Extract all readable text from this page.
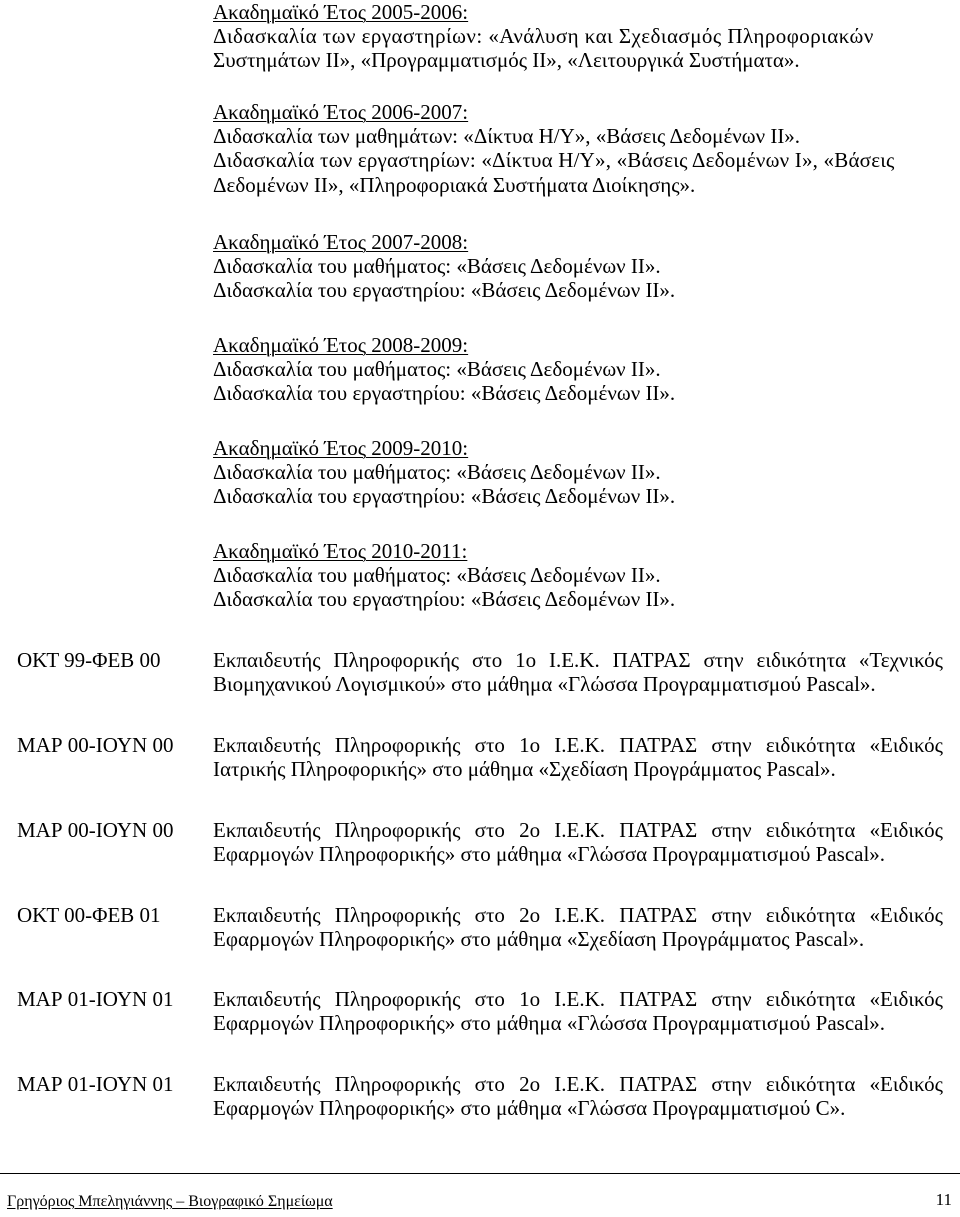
Ακαδημαϊκό Έτος 2005-2006:
Διδασκαλία των εργαστηρίων: «Ανάλυση και Σχεδιασμός Πληροφοριακών
Συστημάτων ΙΙ», «Προγραμματισμός ΙΙ», «Λειτουργικά Συστήματα».
Ακαδημαϊκό Έτος 2006-2007:
Διδασκαλία των μαθημάτων: «Δίκτυα Η/Υ», «Βάσεις Δεδομένων ΙΙ».
Διδασκαλία των εργαστηρίων: «Δίκτυα Η/Υ», «Βάσεις Δεδομένων Ι», «Βάσεις
Δεδομένων ΙΙ», «Πληροφοριακά Συστήματα Διοίκησης».
Ακαδημαϊκό Έτος 2007-2008:
Διδασκαλία του μαθήματος: «Βάσεις Δεδομένων ΙΙ».
Διδασκαλία του εργαστηρίου: «Βάσεις Δεδομένων ΙΙ».
Ακαδημαϊκό Έτος 2008-2009:
Διδασκαλία του μαθήματος: «Βάσεις Δεδομένων ΙΙ».
Διδασκαλία του εργαστηρίου: «Βάσεις Δεδομένων ΙΙ».
Ακαδημαϊκό Έτος 2009-2010:
Διδασκαλία του μαθήματος: «Βάσεις Δεδομένων ΙΙ».
Διδασκαλία του εργαστηρίου: «Βάσεις Δεδομένων ΙΙ».
Ακαδημαϊκό Έτος 2010-2011:
Διδασκαλία του μαθήματος: «Βάσεις Δεδομένων ΙΙ».
Διδασκαλία του εργαστηρίου: «Βάσεις Δεδομένων ΙΙ».
ΟΚΤ 99-ΦΕΒ 00	Εκπαιδευτής Πληροφορικής στο 1ο Ι.Ε.Κ. ΠΑΤΡΑΣ στην ειδικότητα «Τεχνικός Βιομηχανικού Λογισμικού» στο μάθημα «Γλώσσα Προγραμματισμού Pascal».
ΜΑΡ 00-ΙΟΥΝ 00	Εκπαιδευτής Πληροφορικής στο 1ο Ι.Ε.Κ. ΠΑΤΡΑΣ στην ειδικότητα «Ειδικός Ιατρικής Πληροφορικής» στο μάθημα «Σχεδίαση Προγράμματος Pascal».
ΜΑΡ 00-ΙΟΥΝ 00	Εκπαιδευτής Πληροφορικής στο 2ο Ι.Ε.Κ. ΠΑΤΡΑΣ στην ειδικότητα «Ειδικός Εφαρμογών Πληροφορικής» στο μάθημα «Γλώσσα Προγραμματισμού Pascal».
ΟΚΤ 00-ΦΕΒ 01	Εκπαιδευτής Πληροφορικής στο 2ο Ι.Ε.Κ. ΠΑΤΡΑΣ στην ειδικότητα «Ειδικός Εφαρμογών Πληροφορικής» στο μάθημα «Σχεδίαση Προγράμματος Pascal».
ΜΑΡ 01-ΙΟΥΝ 01	Εκπαιδευτής Πληροφορικής στο 1ο Ι.Ε.Κ. ΠΑΤΡΑΣ στην ειδικότητα «Ειδικός Εφαρμογών Πληροφορικής» στο μάθημα «Γλώσσα Προγραμματισμού Pascal».
ΜΑΡ 01-ΙΟΥΝ 01	Εκπαιδευτής Πληροφορικής στο 2ο Ι.Ε.Κ. ΠΑΤΡΑΣ στην ειδικότητα «Ειδικός Εφαρμογών Πληροφορικής» στο μάθημα «Γλώσσα Προγραμματισμού C».
Γρηγόριος Μπεληγιάννης – Βιογραφικό Σημείωμα	11
